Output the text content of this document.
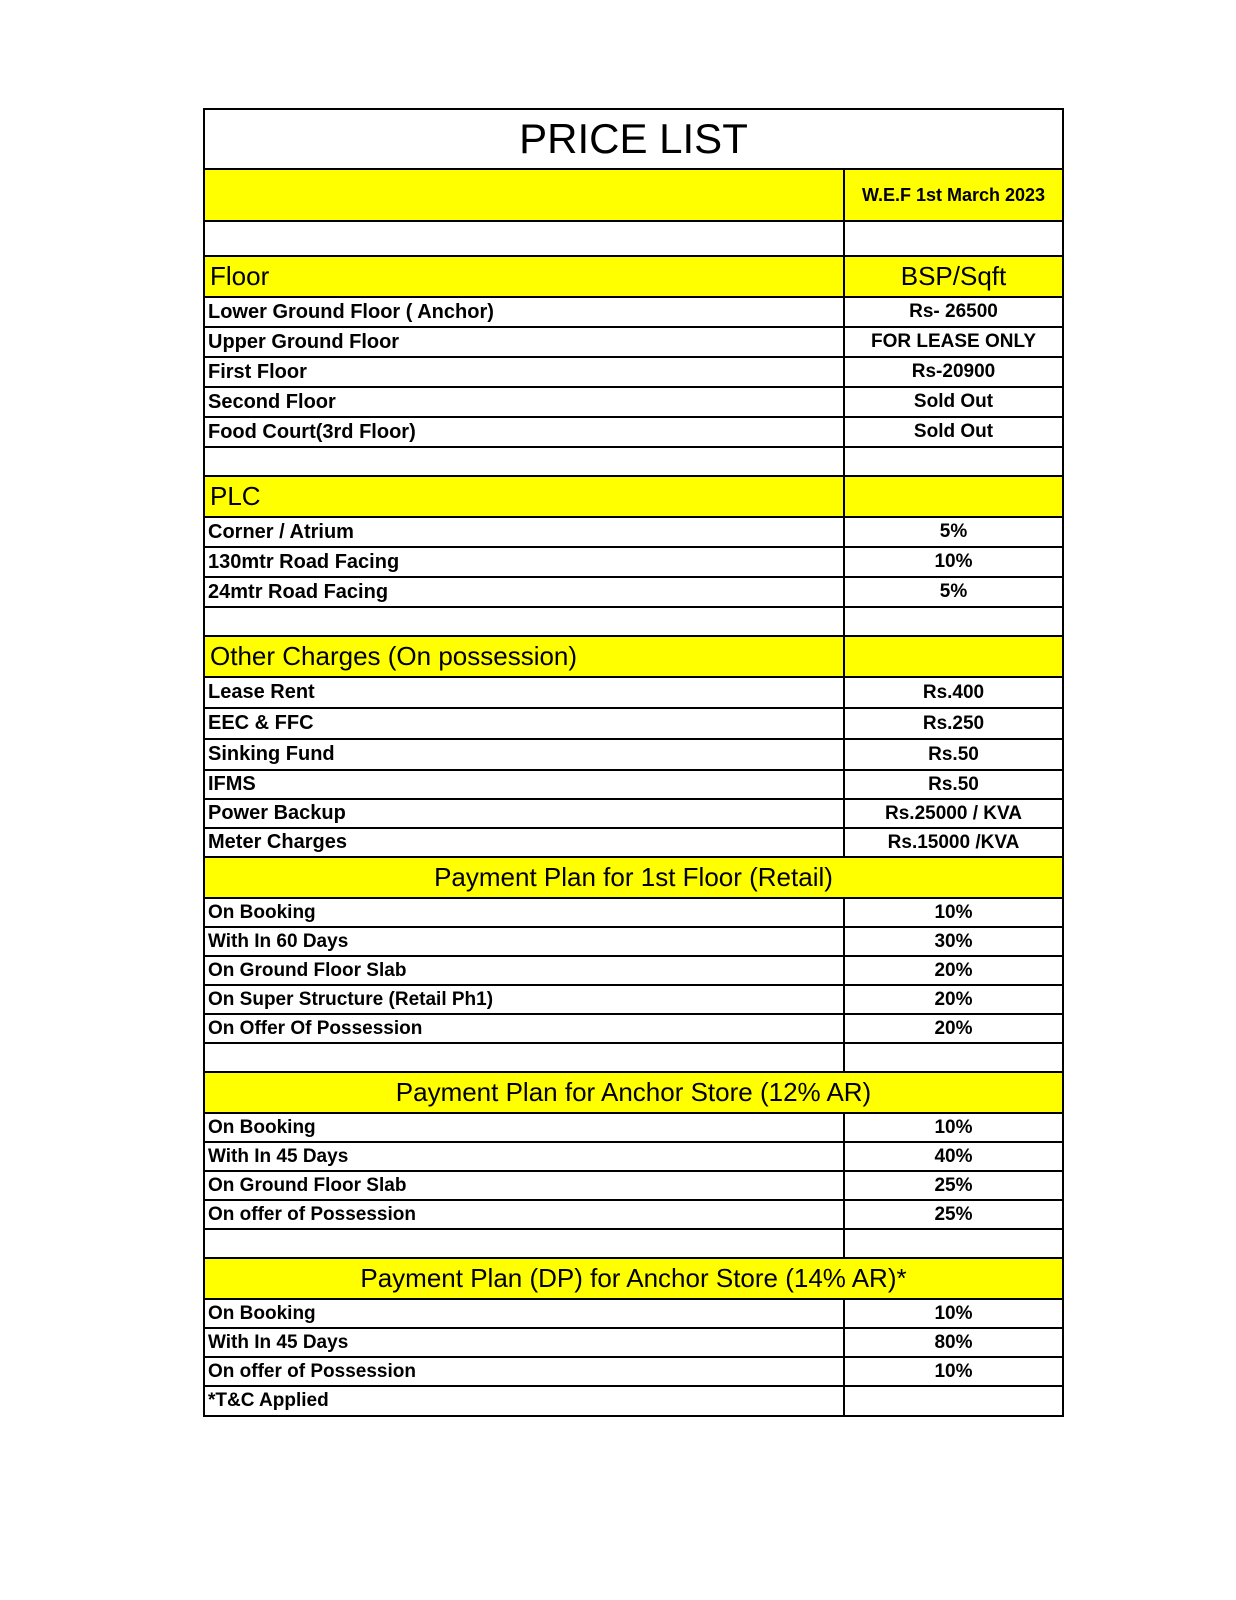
PRICE LIST
W.E.F 1st March 2023
Floor	BSP/Sqft
Lower Ground Floor ( Anchor)	Rs- 26500
Upper Ground Floor	FOR LEASE ONLY
First Floor	Rs-20900
Second Floor	Sold Out
Food Court(3rd Floor)	Sold Out
PLC
Corner / Atrium	5%
130mtr Road Facing	10%
24mtr Road Facing	5%
Other Charges (On possession)
Lease Rent	Rs.400
EEC & FFC	Rs.250
Sinking Fund	Rs.50
IFMS	Rs.50
Power Backup	Rs.25000 / KVA
Meter Charges	Rs.15000 /KVA
Payment Plan for 1st Floor (Retail)
On Booking	10%
With In 60 Days	30%
On Ground Floor Slab	20%
On Super Structure (Retail Ph1)	20%
On Offer Of Possession	20%
Payment Plan for Anchor Store (12% AR)
On Booking	10%
With In 45 Days	40%
On Ground Floor Slab	25%
On offer of Possession	25%
Payment Plan (DP) for Anchor Store (14% AR)*
On Booking	10%
With In 45 Days	80%
On offer of Possession	10%
*T&C Applied
